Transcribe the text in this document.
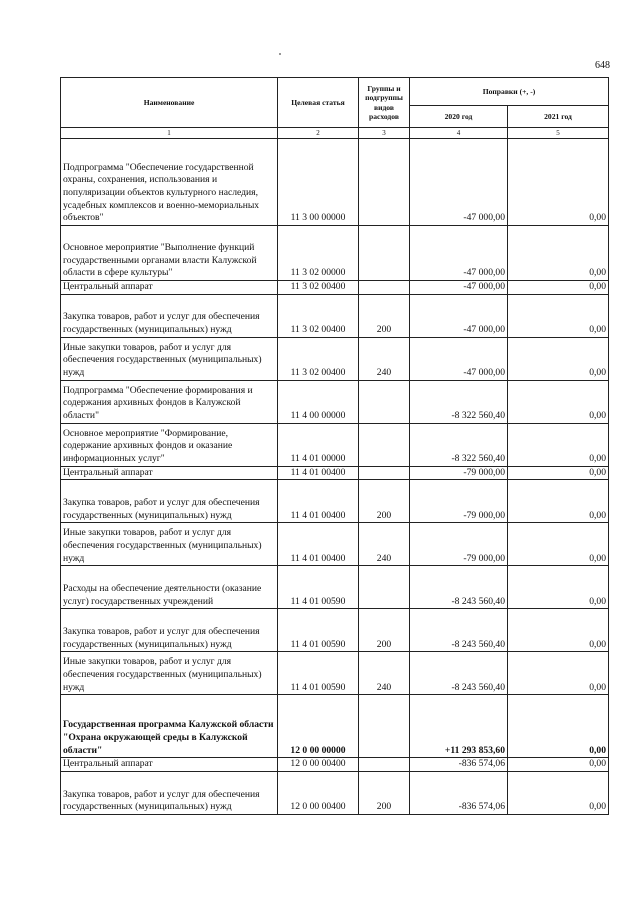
648
Наименование	Целевая статья	Группы и подгруппы видов расходов	Поправки (+, -)	
			2020 год	2021 год
1	2	3	4	5
Подпрограмма "Обеспечение государственной охраны, сохранения, использования и популяризации объектов культурного наследия, усадебных комплексов и военно-мемориальных объектов"	11 3 00 00000		-47 000,00	0,00
Основное мероприятие "Выполнение функций государственными органами власти Калужской области в сфере культуры"	11 3 02 00000		-47 000,00	0,00
Центральный аппарат	11 3 02 00400		-47 000,00	0,00
Закупка товаров, работ и услуг для обеспечения государственных (муниципальных) нужд	11 3 02 00400	200	-47 000,00	0,00
Иные закупки товаров, работ и услуг для обеспечения государственных (муниципальных) нужд	11 3 02 00400	240	-47 000,00	0,00
Подпрограмма "Обеспечение формирования и содержания архивных фондов в Калужской области"	11 4 00 00000		-8 322 560,40	0,00
Основное мероприятие "Формирование, содержание архивных фондов и оказание информационных услуг"	11 4 01 00000		-8 322 560,40	0,00
Центральный аппарат	11 4 01 00400		-79 000,00	0,00
Закупка товаров, работ и услуг для обеспечения государственных (муниципальных) нужд	11 4 01 00400	200	-79 000,00	0,00
Иные закупки товаров, работ и услуг для обеспечения государственных (муниципальных) нужд	11 4 01 00400	240	-79 000,00	0,00
Расходы на обеспечение деятельности (оказание услуг) государственных учреждений	11 4 01 00590		-8 243 560,40	0,00
Закупка товаров, работ и услуг для обеспечения государственных (муниципальных) нужд	11 4 01 00590	200	-8 243 560,40	0,00
Иные закупки товаров, работ и услуг для обеспечения государственных (муниципальных) нужд	11 4 01 00590	240	-8 243 560,40	0,00
Государственная программа Калужской области "Охрана окружающей среды в Калужской области"	12 0 00 00000		+11 293 853,60	0,00
Центральный аппарат	12 0 00 00400		-836 574,06	0,00
Закупка товаров, работ и услуг для обеспечения государственных (муниципальных) нужд	12 0 00 00400	200	-836 574,06	0,00
